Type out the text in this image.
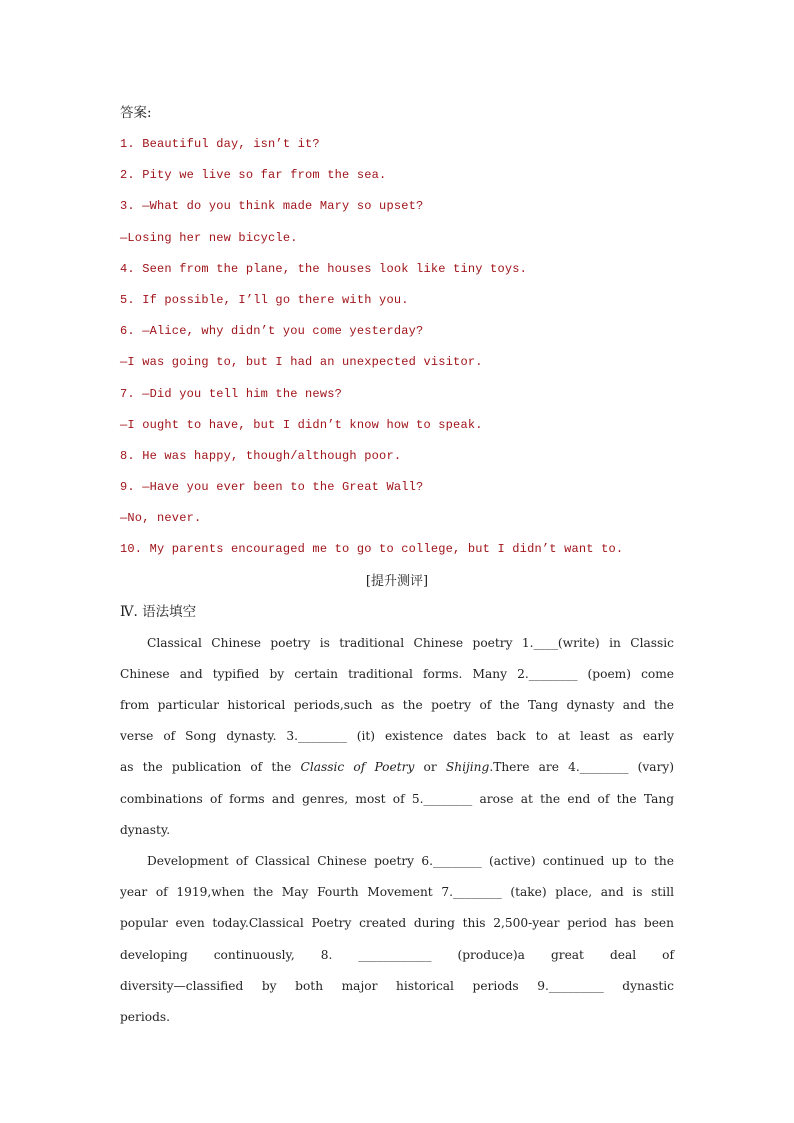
答案:
1. Beautiful day, isn’t it?
2. Pity we live so far from the sea.
3. —What do you think made Mary so upset?
—Losing her new bicycle.
4. Seen from the plane, the houses look like tiny toys.
5. If possible, I’ll go there with you.
6. —Alice, why didn’t you come yesterday?
—I was going to, but I had an unexpected visitor.
7. —Did you tell him the news?
—I ought to have, but I didn’t know how to speak.
8. He was happy, though/although poor.
9. —Have you ever been to the Great Wall?
—No, never.
10. My parents encouraged me to go to college, but I didn’t want to.
[提升测评]
Ⅳ. 语法填空
Classical Chinese poetry is traditional Chinese poetry 1.____(write) in Classic
Chinese and typified by certain traditional forms. Many 2.________ (poem) come
from particular historical periods,such as the poetry of the Tang dynasty and the
verse of Song dynasty. 3.________ (it) existence dates back to at least as early
as the publication of the Classic of Poetry or Shijing.There are 4.________ (vary)
combinations of forms and genres, most of 5.________ arose at the end of the Tang
dynasty.
Development of Classical Chinese poetry 6.________ (active) continued up to the
year of 1919,when the May Fourth Movement 7.________ (take) place, and is still
popular even today.Classical Poetry created during this 2,500-year period has been
developing continuously, 8. ____________ (produce)a great deal of
diversity—classified by both major historical periods 9._________ dynastic
periods.
